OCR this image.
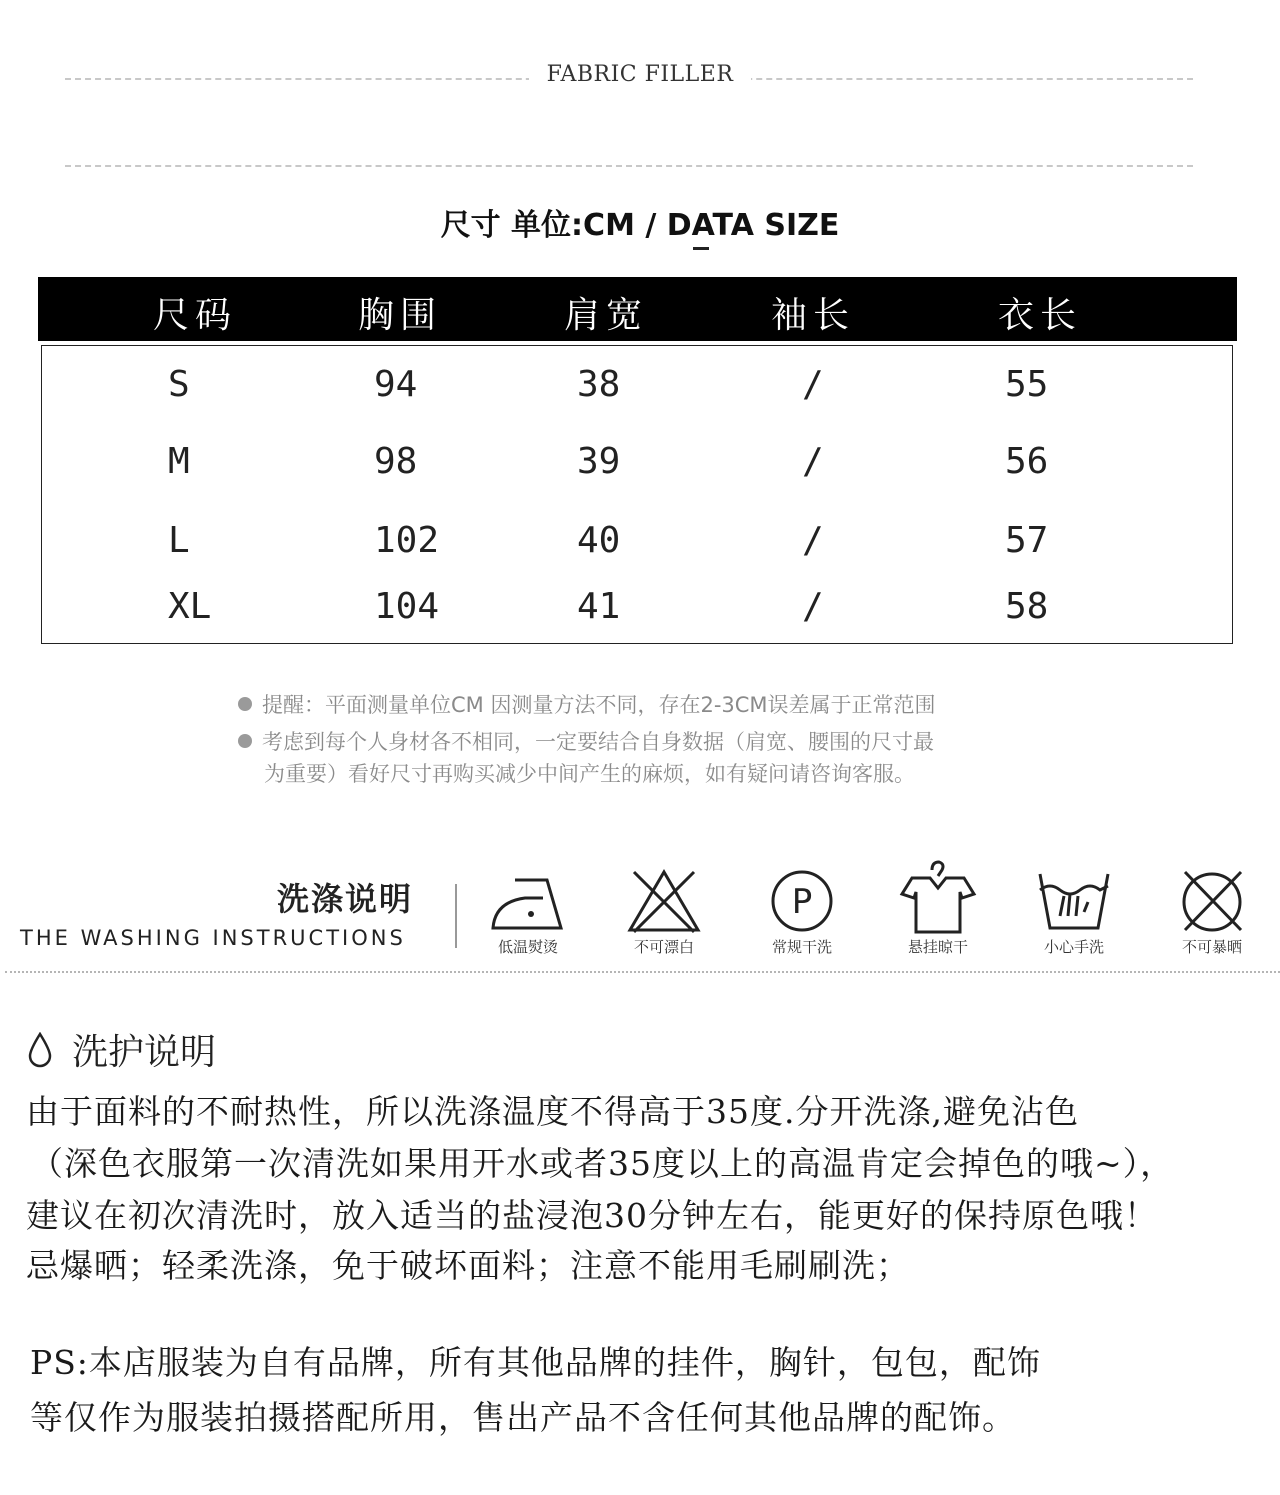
FABRIC FILLER
尺寸 单位:CM / DATA SIZE
尺码	胸围	肩宽	袖长	衣长
S	94	38	/	55
M	98	39	/	56
L	102	40	/	57
XL	104	41	/	58
提醒：平面测量单位CM 因测量方法不同，存在2-3CM误差属于正常范围
考虑到每个人身材各不相同，一定要结合自身数据（肩宽、腰围的尺寸最
为重要）看好尺寸再购买减少中间产生的麻烦，如有疑问请咨询客服。
洗涤说明
THE WASHING INSTRUCTIONS	低温熨烫	不可漂白
P
常规干洗	悬挂晾干	小心手洗	不可暴晒
洗护说明
由于面料的不耐热性，所以洗涤温度不得高于35度.分开洗涤,避免沾色
（深色衣服第一次清洗如果用开水或者35度以上的高温肯定会掉色的哦~），
建议在初次清洗时，放入适当的盐浸泡30分钟左右，能更好的保持原色哦！
忌爆晒；轻柔洗涤，免于破坏面料；注意不能用毛刷刷洗；
PS:本店服装为自有品牌，所有其他品牌的挂件，胸针，包包，配饰
等仅作为服装拍摄搭配所用，售出产品不含任何其他品牌的配饰。
